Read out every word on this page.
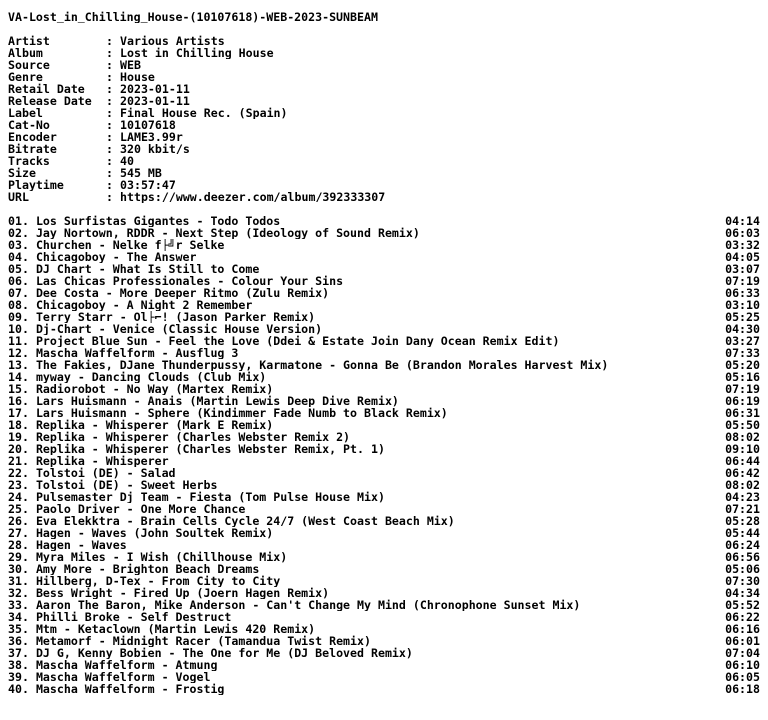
VA-Lost_in_Chilling_House-(10107618)-WEB-2023-SUNBEAM
Artist	: Various Artists
Album	: Lost in Chilling House
Source	: WEB
Genre	: House
Retail Date	: 2023-01-11
Release Date	: 2023-01-11
Label	: Final House Rec. (Spain)
Cat-No	: 10107618
Encoder	: LAME3.99r
Bitrate	: 320 kbit/s
Tracks	: 40
Size	: 545 MB
Playtime	: 03:57:47
URL	: https://www.deezer.com/album/392333307
01. Los Surfistas Gigantes - Todo Todos	04:14
02. Jay Nortown, RDDR - Next Step (Ideology of Sound Remix)	06:03
03. Churchen - Nelke f├╝r Selke	03:32
04. Chicagoboy - The Answer	04:05
05. DJ Chart - What Is Still to Come	03:07
06. Las Chicas Professionales - Colour Your Sins	07:19
07. Dee Costa - More Deeper Ritmo (Zulu Remix)	06:33
08. Chicagoboy - A Night 2 Remember	03:10
09. Terry Starr - Ol├⌐! (Jason Parker Remix)	05:25
10. Dj-Chart - Venice (Classic House Version)	04:30
11. Project Blue Sun - Feel the Love (Ddei & Estate Join Dany Ocean Remix Edit)	03:27
12. Mascha Waffelform - Ausflug 3	07:33
13. The Fakies, DJane Thunderpussy, Karmatone - Gonna Be (Brandon Morales Harvest Mix)	05:20
14. myway - Dancing Clouds (Club Mix)	05:16
15. Radiorobot - No Way (Martex Remix)	07:19
16. Lars Huismann - Anais (Martin Lewis Deep Dive Remix)	06:19
17. Lars Huismann - Sphere (Kindimmer Fade Numb to Black Remix)	06:31
18. Replika - Whisperer (Mark E Remix)	05:50
19. Replika - Whisperer (Charles Webster Remix 2)	08:02
20. Replika - Whisperer (Charles Webster Remix, Pt. 1)	09:10
21. Replika - Whisperer	06:44
22. Tolstoi (DE) - Salad	06:42
23. Tolstoi (DE) - Sweet Herbs	08:02
24. Pulsemaster Dj Team - Fiesta (Tom Pulse House Mix)	04:23
25. Paolo Driver - One More Chance	07:21
26. Eva Elekktra - Brain Cells Cycle 24/7 (West Coast Beach Mix)	05:28
27. Hagen - Waves (John Soultek Remix)	05:44
28. Hagen - Waves	06:24
29. Myra Miles - I Wish (Chillhouse Mix)	06:56
30. Amy More - Brighton Beach Dreams	05:06
31. Hillberg, D-Tex - From City to City	07:30
32. Bess Wright - Fired Up (Joern Hagen Remix)	04:34
33. Aaron The Baron, Mike Anderson - Can't Change My Mind (Chronophone Sunset Mix)	05:52
34. Philli Broke - Self Destruct	06:22
35. Mtm - Ketaclown (Martin Lewis 420 Remix)	06:16
36. Metamorf - Midnight Racer (Tamandua Twist Remix)	06:01
37. DJ G, Kenny Bobien - The One for Me (DJ Beloved Remix)	07:04
38. Mascha Waffelform - Atmung	06:10
39. Mascha Waffelform - Vogel	06:05
40. Mascha Waffelform - Frostig	06:18
